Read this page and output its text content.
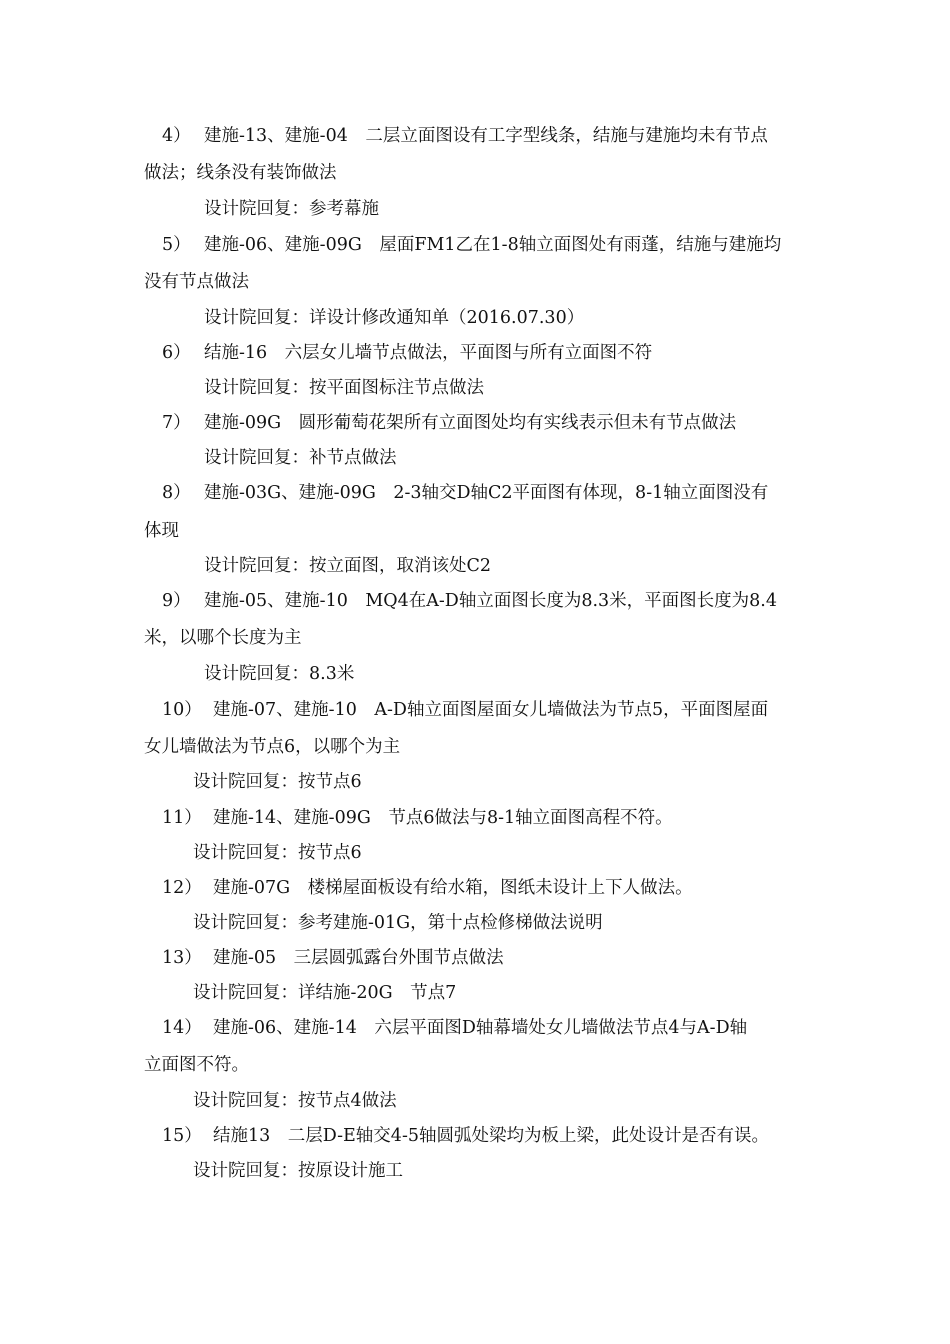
4） 建施-13、建施-04　二层立面图设有工字型线条，结施与建施均未有节点
做法；线条没有装饰做法
设计院回复：参考幕施
5） 建施-06、建施-09G　屋面FM1乙在1-8轴立面图处有雨蓬，结施与建施均
没有节点做法
设计院回复：详设计修改通知单（2016.07.30）
6） 结施-16　六层女儿墙节点做法，平面图与所有立面图不符
设计院回复：按平面图标注节点做法
7） 建施-09G　圆形葡萄花架所有立面图处均有实线表示但未有节点做法
设计院回复：补节点做法
8） 建施-03G、建施-09G　2-3轴交D轴C2平面图有体现，8-1轴立面图没有
体现
设计院回复：按立面图，取消该处C2
9） 建施-05、建施-10　MQ4在A-D轴立面图长度为8.3米，平面图长度为8.4
米，以哪个长度为主
设计院回复：8.3米
10） 建施-07、建施-10　A-D轴立面图屋面女儿墙做法为节点5，平面图屋面
女儿墙做法为节点6，以哪个为主
设计院回复：按节点6
11） 建施-14、建施-09G　节点6做法与8-1轴立面图高程不符。
设计院回复：按节点6
12） 建施-07G　楼梯屋面板设有给水箱，图纸未设计上下人做法。
设计院回复：参考建施-01G，第十点检修梯做法说明
13） 建施-05　三层圆弧露台外围节点做法
设计院回复：详结施-20G　节点7
14） 建施-06、建施-14　六层平面图D轴幕墙处女儿墙做法节点4与A-D轴
立面图不符。
设计院回复：按节点4做法
15） 结施13　二层D-E轴交4-5轴圆弧处梁均为板上梁，此处设计是否有误。
设计院回复：按原设计施工
